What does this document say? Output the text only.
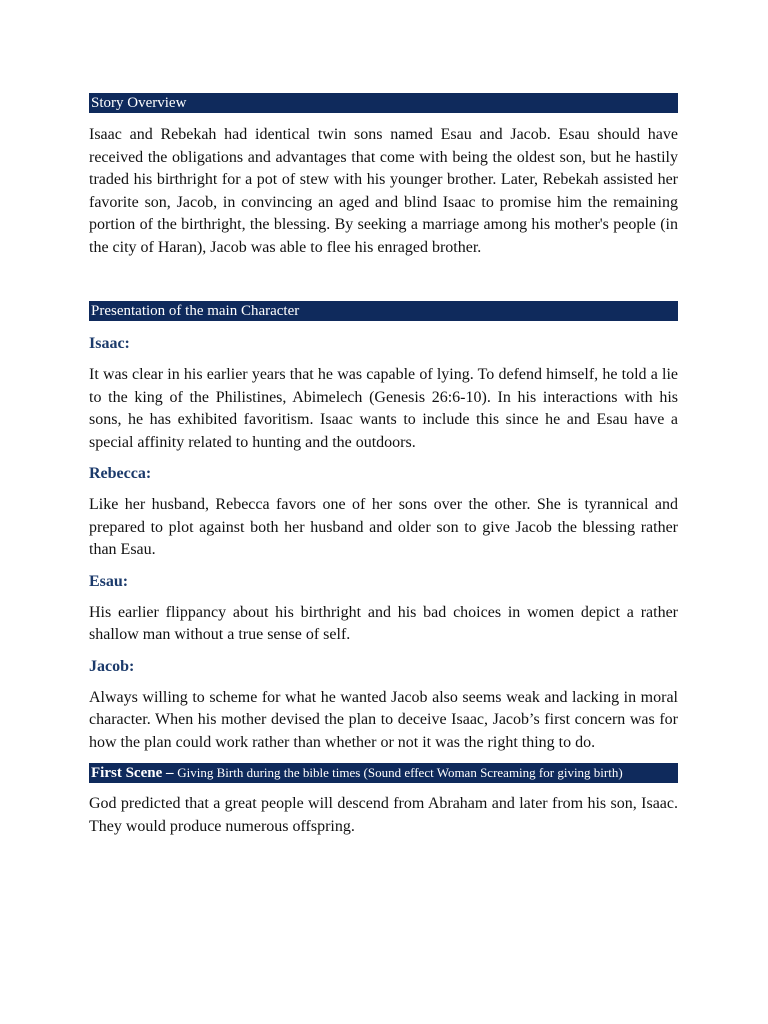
Story Overview

Isaac and Rebekah had identical twin sons named Esau and Jacob. Esau should have received the obligations and advantages that come with being the oldest son, but he hastily traded his birthright for a pot of stew with his younger brother. Later, Rebekah assisted her favorite son, Jacob, in convincing an aged and blind Isaac to promise him the remaining portion of the birthright, the blessing. By seeking a marriage among his mother's people (in the city of Haran), Jacob was able to flee his enraged brother.

Presentation of the main Character

Isaac:

It was clear in his earlier years that he was capable of lying. To defend himself, he told a lie to the king of the Philistines, Abimelech (Genesis 26:6-10). In his interactions with his sons, he has exhibited favoritism. Isaac wants to include this since he and Esau have a special affinity related to hunting and the outdoors.

Rebecca:

Like her husband, Rebecca favors one of her sons over the other. She is tyrannical and prepared to plot against both her husband and older son to give Jacob the blessing rather than Esau.

Esau:

His earlier flippancy about his birthright and his bad choices in women depict a rather shallow man without a true sense of self.

Jacob:

Always willing to scheme for what he wanted Jacob also seems weak and lacking in moral character. When his mother devised the plan to deceive Isaac, Jacob’s first concern was for how the plan could work rather than whether or not it was the right thing to do.

First Scene – Giving Birth during the bible times (Sound effect Woman Screaming for giving birth)

God predicted that a great people will descend from Abraham and later from his son, Isaac. They would produce numerous offspring.
